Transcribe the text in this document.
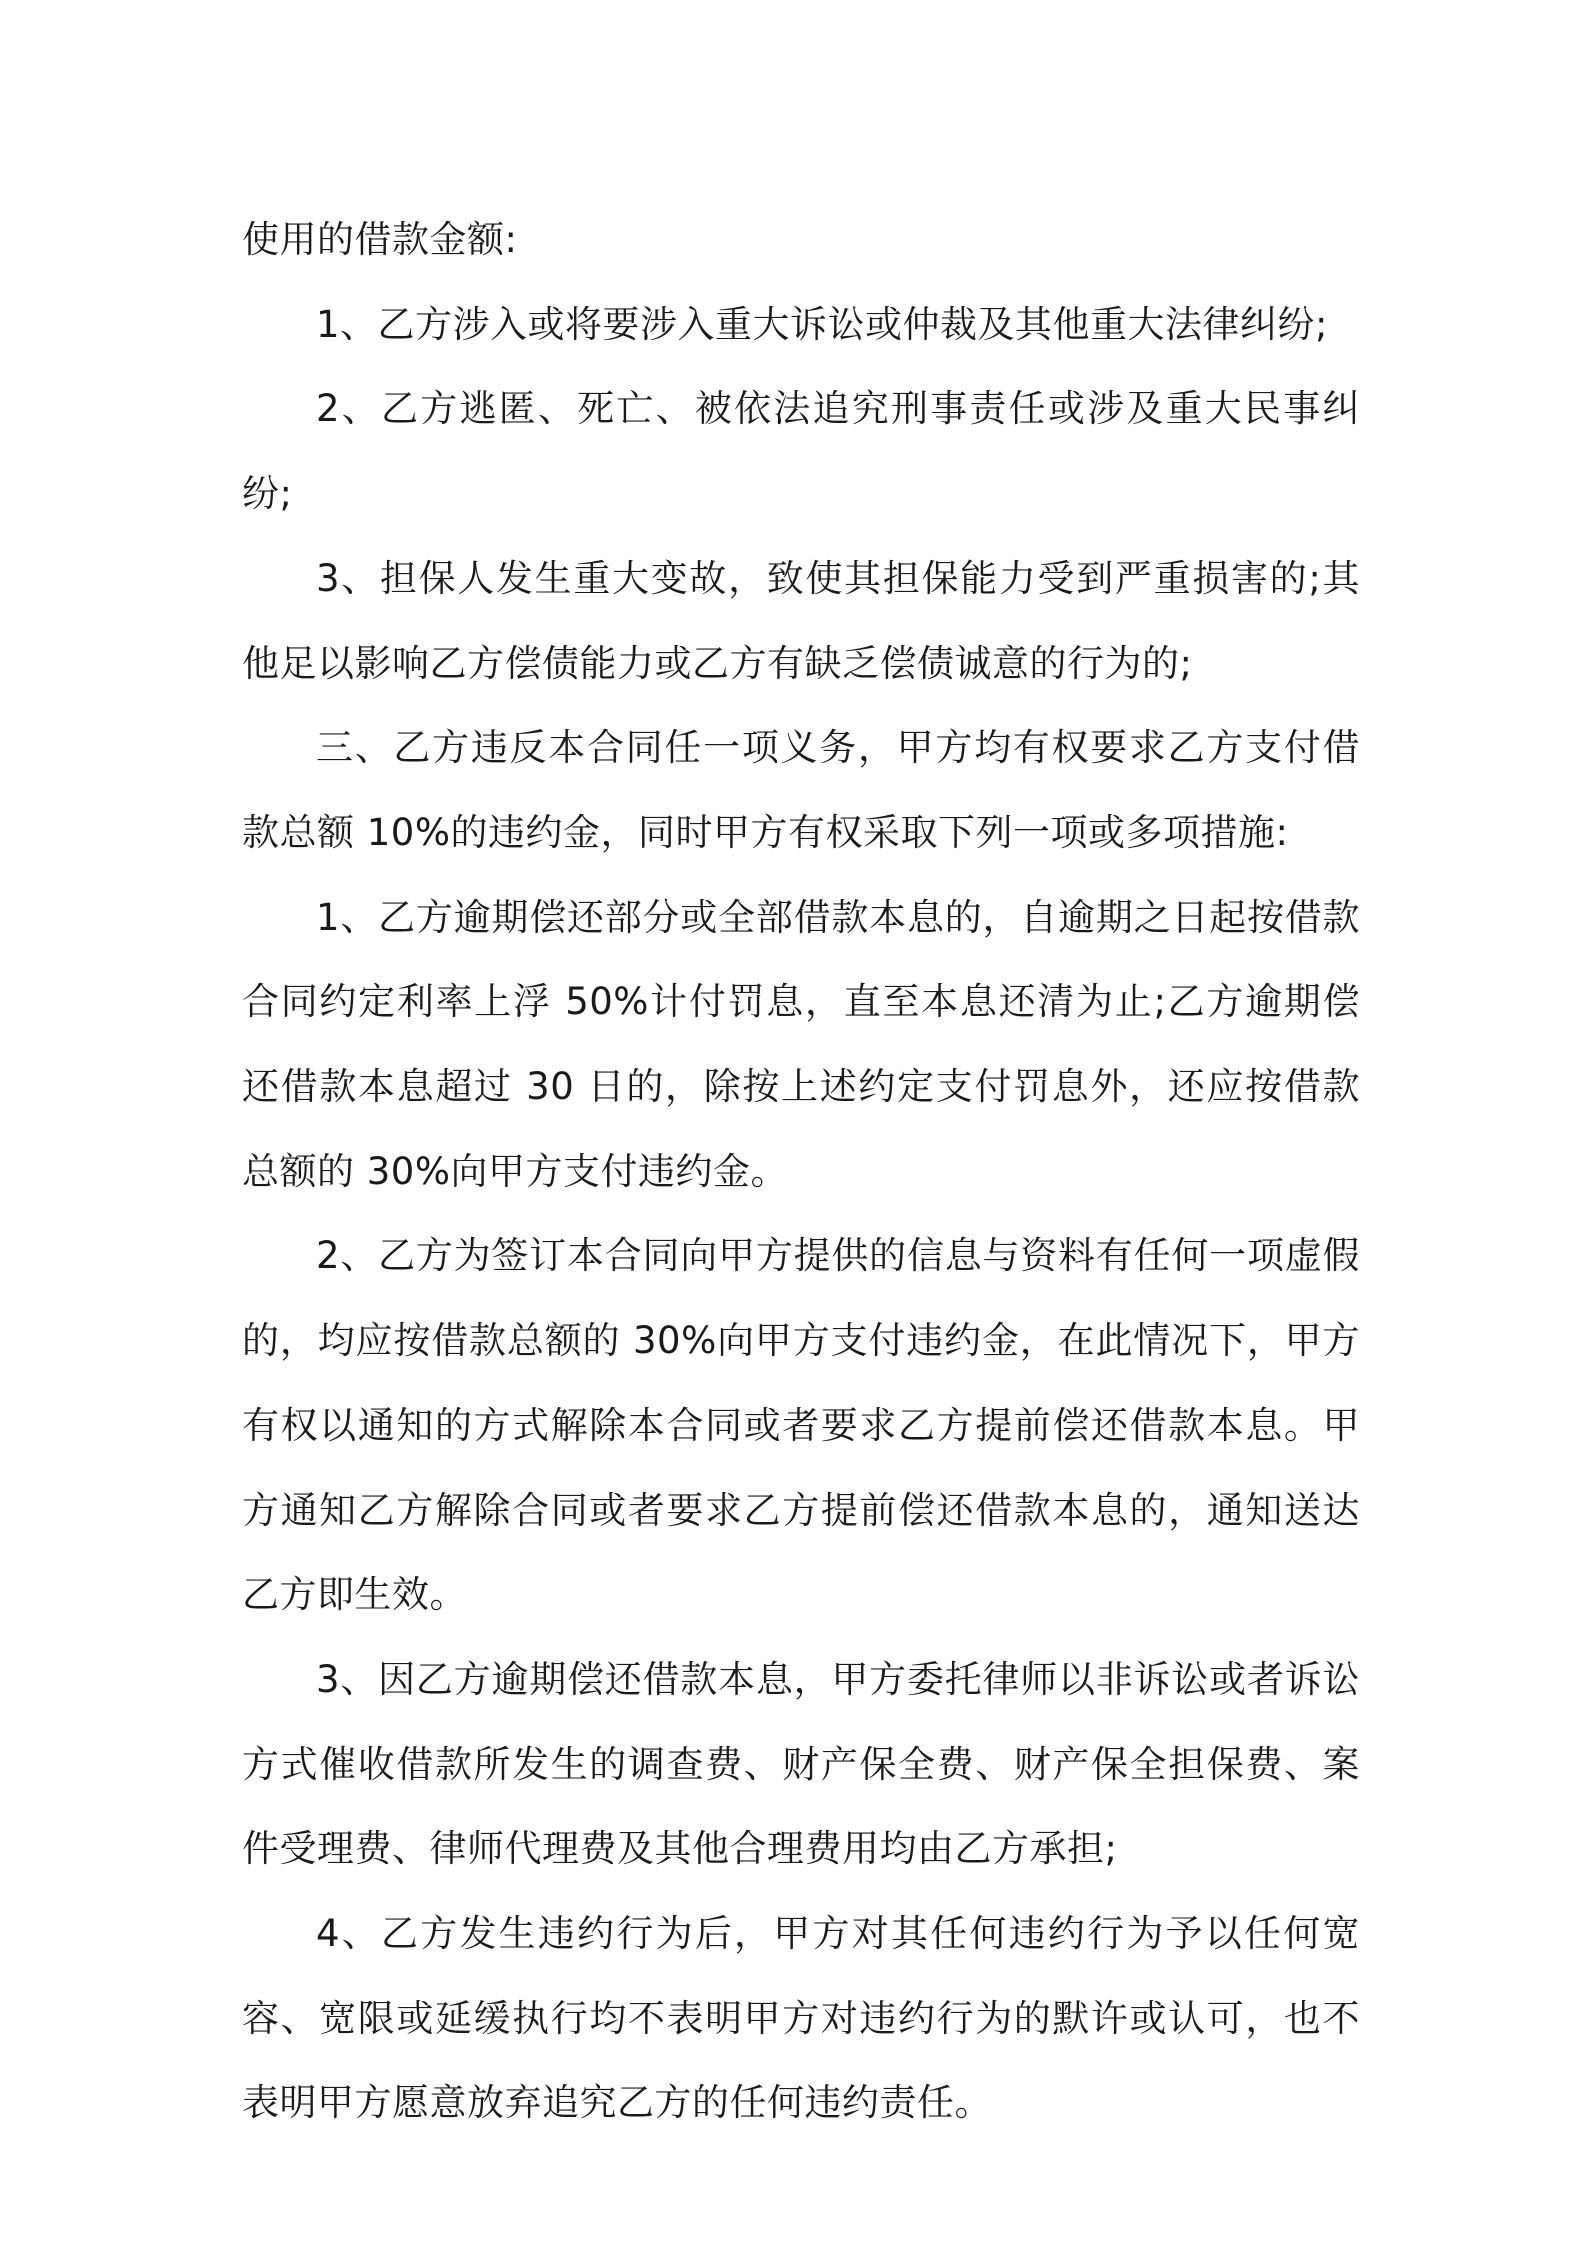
使用的借款金额:

1、乙方涉入或将要涉入重大诉讼或仲裁及其他重大法律纠纷;

2、乙方逃匿、死亡、被依法追究刑事责任或涉及重大民事纠纷;

3、担保人发生重大变故，致使其担保能力受到严重损害的;其他足以影响乙方偿债能力或乙方有缺乏偿债诚意的行为的;

三、乙方违反本合同任一项义务，甲方均有权要求乙方支付借款总额 10%的违约金，同时甲方有权采取下列一项或多项措施:

1、乙方逾期偿还部分或全部借款本息的，自逾期之日起按借款合同约定利率上浮 50%计付罚息，直至本息还清为止;乙方逾期偿还借款本息超过 30 日的，除按上述约定支付罚息外，还应按借款总额的 30%向甲方支付违约金。

2、乙方为签订本合同向甲方提供的信息与资料有任何一项虚假的，均应按借款总额的 30%向甲方支付违约金，在此情况下，甲方有权以通知的方式解除本合同或者要求乙方提前偿还借款本息。甲方通知乙方解除合同或者要求乙方提前偿还借款本息的，通知送达乙方即生效。

3、因乙方逾期偿还借款本息，甲方委托律师以非诉讼或者诉讼方式催收借款所发生的调查费、财产保全费、财产保全担保费、案件受理费、律师代理费及其他合理费用均由乙方承担;

4、乙方发生违约行为后，甲方对其任何违约行为予以任何宽容、宽限或延缓执行均不表明甲方对违约行为的默许或认可，也不表明甲方愿意放弃追究乙方的任何违约责任。
